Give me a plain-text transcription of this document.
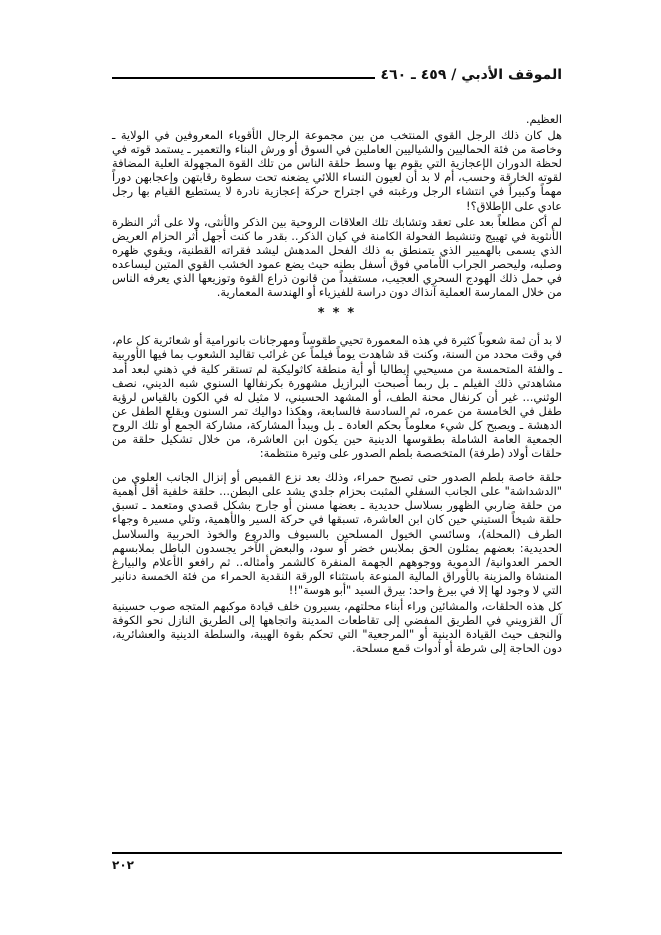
الموقف الأدبي / ٤٥٩ ـ ٤٦٠

العظيم.

هل كان ذلك الرجل القوي المنتخب من بين مجموعة الرجال الأقوياء المعروفين في الولاية ـ وخاصة من فئة الحماليين والشياليين العاملين في السوق أو ورش البناء والتعمير ـ يستمد قوته في لحظة الدوران الإعجازية التي يقوم بها وسط حلقة الناس من تلك القوة المجهولة العلية المضافة لقوته الخارقة وحسب، أم لا بد أن لعيون النساء اللائي يضعنه تحت سطوة رقابتهن وإعجابهن دوراً مهماً وكبيراً في انتشاء الرجل ورغبته في اجتراح حركة إعجازية نادرة لا يستطيع القيام بها رجل عادي على الإطلاق؟!

لم أكن مطلعاً بعد على تعقد وتشابك تلك العلاقات الروحية بين الذكر والأنثى، ولا على أثر النظرة الأنثوية في تهييج وتنشيط الفحولة الكامنة في كيان الذكر.. بقدر ما كنت أجهل أثر الحزام العريض الذي يسمى بالهميير الذي يتمنطق به ذلك الفحل المدهش ليشد فقراته القطنية، ويقوي ظهره وصلبه، وليحصر الجراب الأمامي فوق أسفل بطنه حيث يضع عمود الخشب القوي المتين ليساعده في حمل ذلك الهودج السحري العجيب، مستفيداً من قانون ذراع القوة وتوزيعها الذي يعرفه الناس من خلال الممارسة العملية آنذاك دون دراسة للفيزياء أو الهندسة المعمارية.

* * *

لا بد أن ثمة شعوباً كثيرة في هذه المعمورة تحيي طقوساً ومهرجانات بانورامية أو شعائرية كل عام، في وقت محدد من السنة، وكنت قد شاهدت يوماً فيلماً عن غرائب تقاليد الشعوب بما فيها الأوربية ـ والفئة المتحمسة من مسيحيي إيطاليا أو أية منطقة كاثوليكية لم تستقر كلية في ذهني لبعد أمد مشاهدتي ذلك الفيلم ـ بل ربما أصبحت البرازيل مشهورة بكرنفالها السنوي شبه الديني، نصف الوثني... غير أن كرنفال محنة الطف، أو المشهد الحسيني، لا مثيل له في الكون بالقياس لرؤية طفل في الخامسة من عمره، ثم السادسة فالسابعة، وهكذا دواليك تمر السنون ويقلع الطفل عن الدهشة ـ ويصبح كل شيء معلوماً بحكم العادة ـ بل ويبدأ المشاركة، مشاركة الجمع أو تلك الروح الجمعية العامة الشاملة بطقوسها الدينية حين يكون ابن العاشرة، من خلال تشكيل حلقة من حلقات أولاد (طرفة) المتخصصة بلطم الصدور على وتيرة منتظمة:

حلقة خاصة بلطم الصدور حتى تصبح حمراء، وذلك بعد نزع القميص أو إنزال الجانب العلوي من "الدشداشة" على الجانب السفلي المثبت بحزام جلدي يشد على البطن... حلقة خلفية أقل أهمية من حلقة ضاربي الظهور بسلاسل حديدية ـ بعضها مسنن أو جارح بشكل قصدي ومتعمد ـ تسبق حلقة شيخاً الستيني حين كان ابن العاشرة، تسبقها في حركة السير والأهمية، وتلي مسيرة وجهاء الطرف (المحلة)، وسائسي الخيول المسلحين بالسيوف والدروع والخوذ الحربية والسلاسل الحديدية: بعضهم يمثلون الحق بملابس خضر أو سود، والبعض الآخر يجسدون الباطل بملابسهم الحمر العدوانية/ الدموية ووجوههم الجهمة المنفرة كالشمر وأمثاله.. ثم رافعو الأعلام والبيارغ المنشاة والمزينة بالأوراق المالية المنوعة باستثناء الورقة النقدية الحمراء من فئة الخمسة دنانير التي لا وجود لها إلا في بيرغ واحد: بيرق السيد "أبو هوسة"!!

كل هذه الحلقات، والمشائين وراء أبناء محلتهم، يسيرون خلف قيادة موكبهم المتجه صوب حسينية آل القزويني في الطريق المفضي إلى تقاطعات المدينة واتجاهها إلى الطريق النازل نحو الكوفة والنجف حيث القيادة الدينية أو "المرجعية" التي تحكم بقوة الهيبة، والسلطة الدينية والعشائرية، دون الحاجة إلى شرطة أو أدوات قمع مسلحة.

٢٠٢
